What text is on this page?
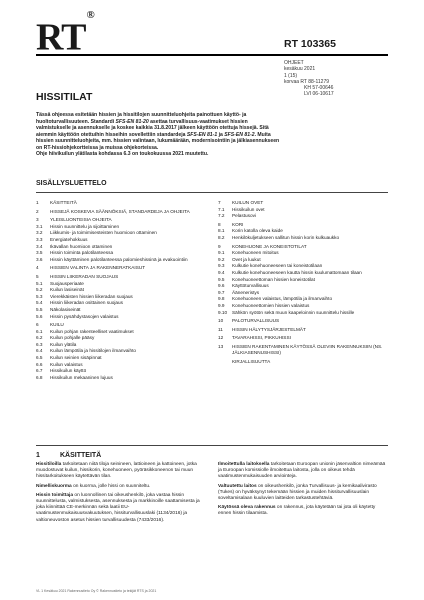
RT®
RT 103365
OHJEET
kesäkuu 2021
1 (15)
korvaa RT 88-11279
KH 57-00646
LVI 06-10617
HISSITILAT

Tässä ohjeessa esitetään hissien ja hissitilojen suunnitteluohjeita painottuen käyttö- ja huoltoturvallisuuteen. Standardi SFS-EN 81-20 asettaa turvallisuus-vaatimukset hissien valmistukselle ja asennukselle ja koskee kaikkia 31.8.2017 jälkeen käyttöön otettuja hissejä. Sitä aiemmin käyttöön otettuihin hisseihin sovellettiin standardeja SFS-EN 81-1 ja SFS-EN 81-2. Muita hissien suunnitteluohjeita, mm. hissien valintaan, lukumäärään, modernisointiin ja jälkiasennukseen on RT-hissiohjekortteissa ja muissa ohjekorteissa.

Ohje hiivikuilun ylätilasta kohdassa 6.3 on toukokuussa 2021 muutettu.

SISÄLLYSLUETTELO
1	KÄSITTEITÄ
2	HISSEJÄ KOSKEVIA SÄÄNNÖKSIÄ, STANDARDEJA JA OHJEITA
3	YLEISLUONTEISIA OHJEITA
3.1	Hissin suunnittelu ja sijoittaminen
3.2	Liikkumis- ja toimimisesteisten huomioon ottaminen
3.3	Energiatehokkuus
3.4	Ikävallan huomioon ottaminen
3.5	Hissin toiminta palotilanteessa
3.6	Hissin käyttäminen palotilanteessa palomieshissinä ja evakuointiin
4	HISSIEN VALINTA JA RAKENNERATKAISUT
5	HISSIN LIIKERADAN SUOJAUS
5.1	Suojausperiaate
5.2	Kuilun lasiseinät
5.3	Vierekkäisten hissien liikeradan suojaus
5.4	Hissin liikeradan osittainen suojaus
5.5	Näkolasiseinät
5.6	Hissin pysähdystasojen valaistus
6	KUILU
6.1	Kuilun pohjan rakenteelliset vaatimukset
6.2	Kuilun pohjalle pääsy
6.3	Kuilun ylätila
6.4	Kuilun lämpötila ja hissitilojen ilmanvaihto
6.5	Kuilun seinien sisäpinnat
6.6	Kuilun valaistus
6.7	Hissikuilun käyttö
6.8	Hissikuilun mekaaninen lujuus
7	KUILUN OVET
7.1	Hissikuilun ovet
7.2	Pelastusovi
8	KORI
8.1	Korin katolla oleva kaide
8.2	Henkilökuljetukseen sallitun hissin korin kulkuaukko
9	KONEHUONE JA KONEISTOTILAT
9.1	Konehuoneen mitoitus
9.2	Ovet ja luukut
9.3	Kulkutie konehuoneeseen tai koneistotilaan
9.4	Kulkutie konehuoneeseen kautta hissin kuulumattomaan tilaan
9.5	Konehuoneettoman hissien koneistotilat
9.6	Käyttöturvallisuus
9.7	Ääneneristys
9.8	Konehuoneen valaistus, lämpötila ja ilmanvaihto
9.9	Konehuoneettomien hissien valaistus
9.10	Sähkön syötön sekä muun kaapeloinnin suunnittelu hissille
10	PALOTURVALLISUUS
11	HISSIN HÄLYTYSJÄRJESTELMÄT
12	TAVARAHISSI, PIKKUHISSI
13	HISSIEN RAKENTAMINEN KÄYTÖSSÄ OLEVIIN RAKENNUKSIIN (NS. JÄLKIASENNUSHISSI)
KIRJALLISUUTTA
1	KÄSITTEITÄ

Hissitiloilla tarkoitetaan niitä tiloja seinineen, lattioineen ja kattoineen, jotka muodostuvat kuilun, hissikorin, konehuoneen, pyöräsikkoneenon tai muun hissitarkoitukseen käytettävän tilan.

Nimelliskuorma on kuorma, jolle hissi on suunniteltu.

Hissin toimittaja on luonnollinen tai oikeushenkilö, joka vastaa hissin suunnittelusta, valmistuksesta, asennuksesta ja markkinoille saattamisesta ja joka kiinnittää CE-merkinnän sekä laatii EU-vaatimustenmukaisuusvakuutuksen, hissiturvallisuuslaki (1134/2016) ja valtioneuvoston asetus hissien turvallisuudesta (7433/2016).

Ilmoitettulla laitoksella tarkoitetaan Euroopan unionin jäsenvaltion nimeämää ja Euroopan komissiolle ilmoitettua laitosta, jolla on oikeus tehdä vaatimustenmukaisuuden arviointeja.

Valtuutettu laitos on oikeushenkilö, jonka Turvallisuus- ja kemikaalivirasto (Tukes) on hyväksynyt tekemään hissien ja muiden hissiturvallisuuslain soveltamisalaan kuuluvien laitteiden tarkastustehtäviä.

Käytössä oleva rakennus on rakennus, jota käytetään tai jota oli käytetty ennen hissin tilaamista.

VL 1 Kesäkuu 2021 Rakennustieto Oy © Rakennustieto ja tekijät RTS ja 2021
